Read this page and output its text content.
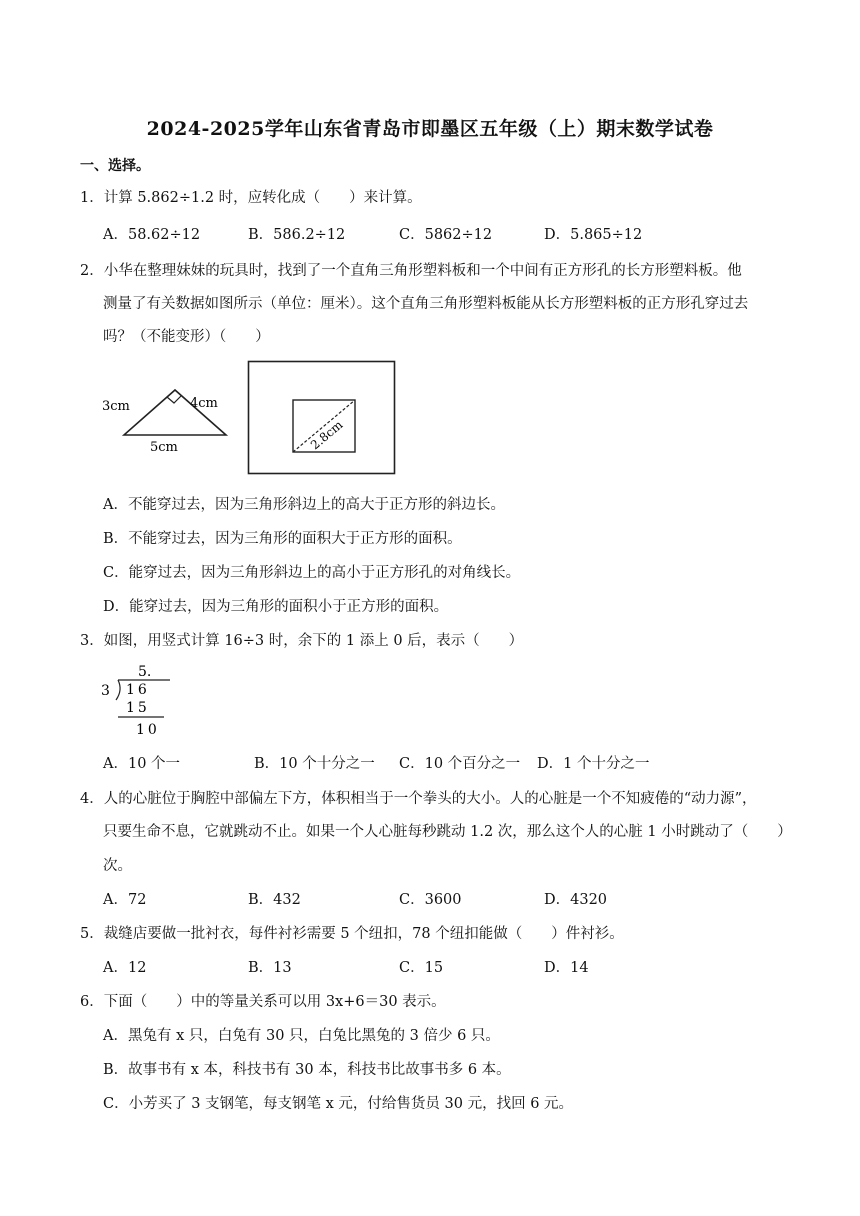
2024-2025学年山东省青岛市即墨区五年级（上）期末数学试卷
一、选择。
1．计算 5.862÷1.2 时，应转化成（　　）来计算。
A．58.62÷12	B．586.2÷12	C．5862÷12	D．5.865÷12
2．小华在整理妹妹的玩具时，找到了一个直角三角形塑料板和一个中间有正方形孔的长方形塑料板。他
测量了有关数据如图所示（单位：厘米）。这个直角三角形塑料板能从长方形塑料板的正方形孔穿过去
吗？（不能变形）（　　）
3cm	4cm
5cm	2.8cm
A．不能穿过去，因为三角形斜边上的高大于正方形的斜边长。
B．不能穿过去，因为三角形的面积大于正方形的面积。
C．能穿过去，因为三角形斜边上的高小于正方形孔的对角线长。
D．能穿过去，因为三角形的面积小于正方形的面积。
3．如图，用竖式计算 16÷3 时，余下的 1 添上 0 后，表示（　　）
5.
3 16
15
10
A．10 个一	B．10 个十分之一 C．10 个百分之一 D．1 个十分之一
4．人的心脏位于胸腔中部偏左下方，体积相当于一个拳头的大小。人的心脏是一个不知疲倦的“动力源”，
只要生命不息，它就跳动不止。如果一个人心脏每秒跳动 1.2 次，那么这个人的心脏 1 小时跳动了（　　）
次。
A．72	B．432	C．3600	D．4320
5．裁缝店要做一批衬衣，每件衬衫需要 5 个纽扣，78 个纽扣能做（　　）件衬衫。
A．12	B．13	C．15	D．14
6．下面（　　）中的等量关系可以用 3x+6＝30 表示。
A．黑兔有 x 只，白兔有 30 只，白兔比黑兔的 3 倍少 6 只。
B．故事书有 x 本，科技书有 30 本，科技书比故事书多 6 本。
C．小芳买了 3 支钢笔，每支钢笔 x 元，付给售货员 30 元，找回 6 元。
